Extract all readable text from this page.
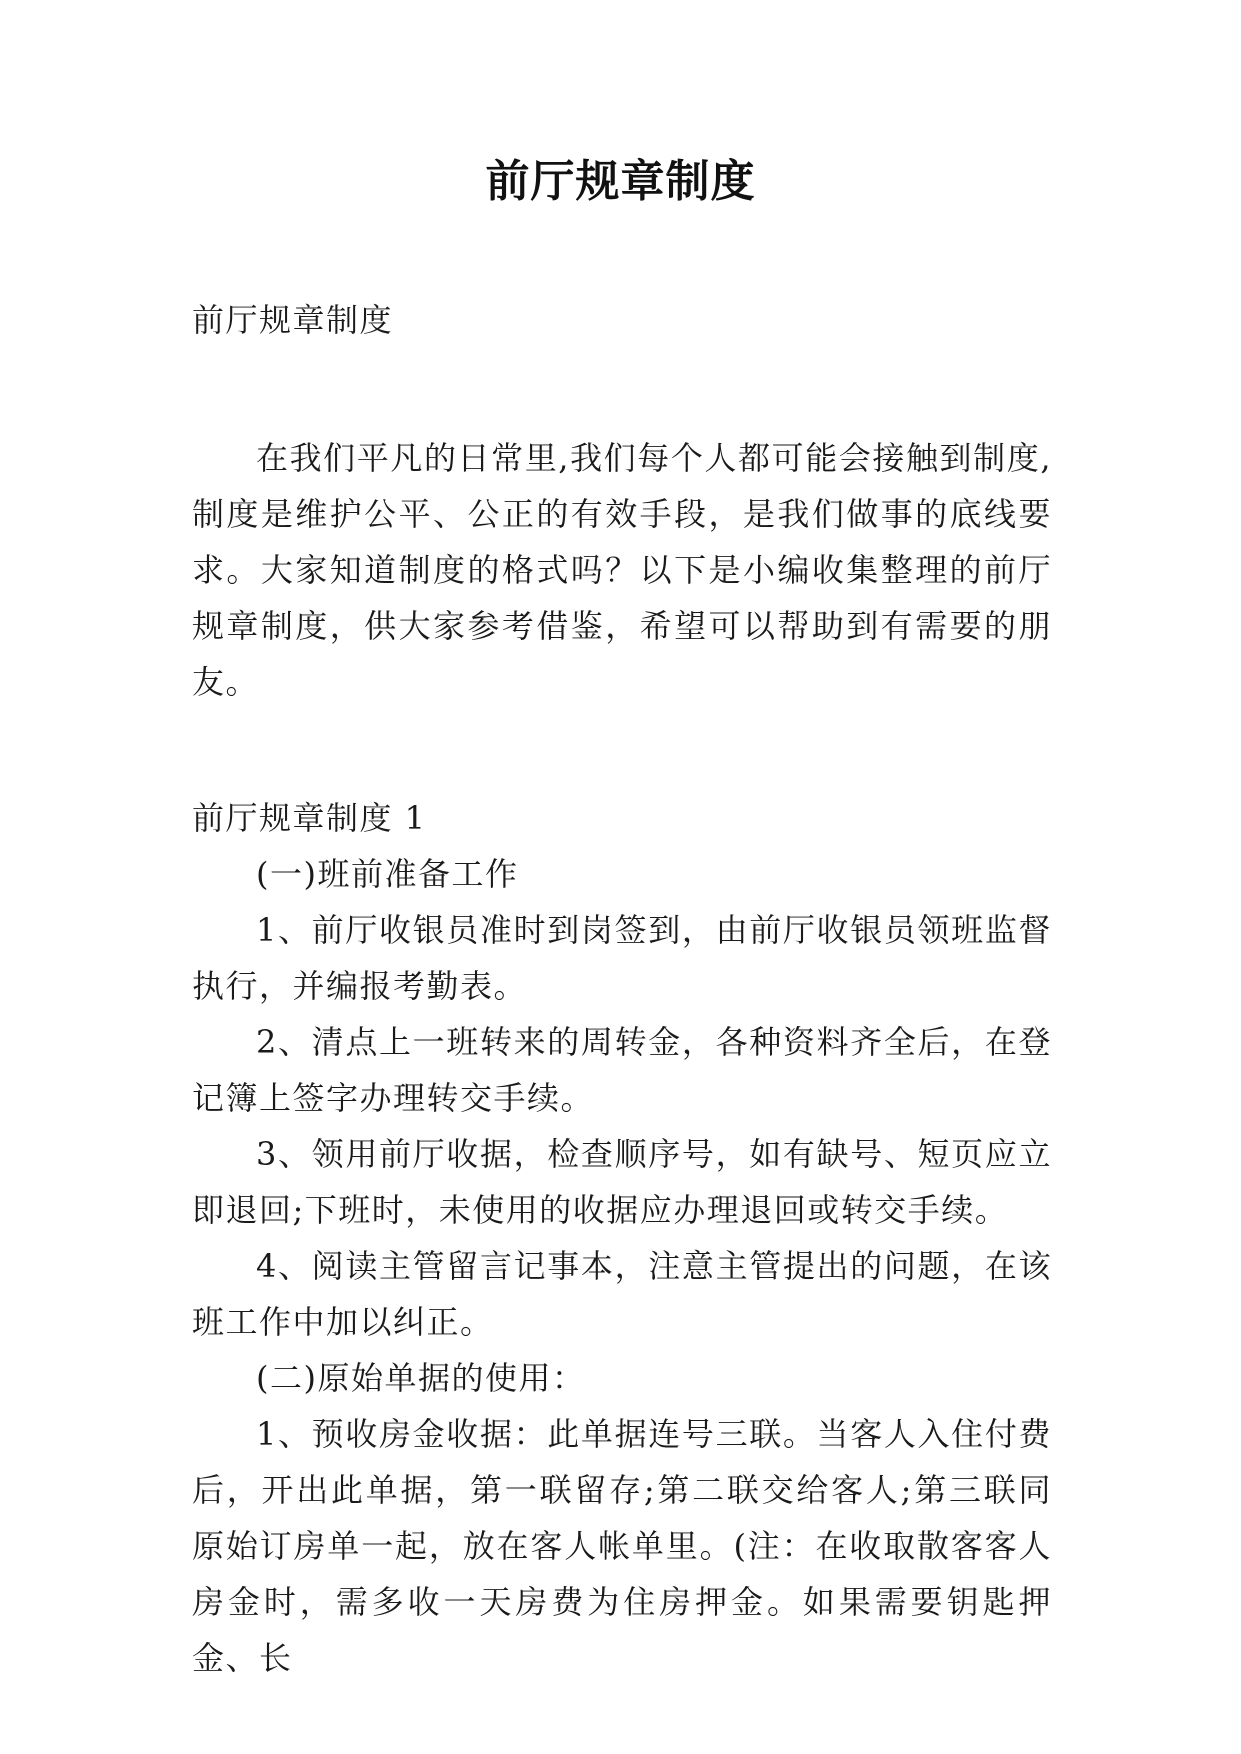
前厅规章制度

前厅规章制度

在我们平凡的日常里,我们每个人都可能会接触到制度,制度是维护公平、公正的有效手段，是我们做事的底线要求。大家知道制度的格式吗？以下是小编收集整理的前厅规章制度，供大家参考借鉴，希望可以帮助到有需要的朋友。

前厅规章制度 1

(一)班前准备工作

1、前厅收银员准时到岗签到，由前厅收银员领班监督执行，并编报考勤表。

2、清点上一班转来的周转金，各种资料齐全后，在登记簿上签字办理转交手续。

3、领用前厅收据，检查顺序号，如有缺号、短页应立即退回;下班时，未使用的收据应办理退回或转交手续。

4、阅读主管留言记事本，注意主管提出的问题，在该班工作中加以纠正。

(二)原始单据的使用：

1、预收房金收据：此单据连号三联。当客人入住付费后，开出此单据，第一联留存;第二联交给客人;第三联同原始订房单一起，放在客人帐单里。(注：在收取散客客人房金时，需多收一天房费为住房押金。如果需要钥匙押金、长
